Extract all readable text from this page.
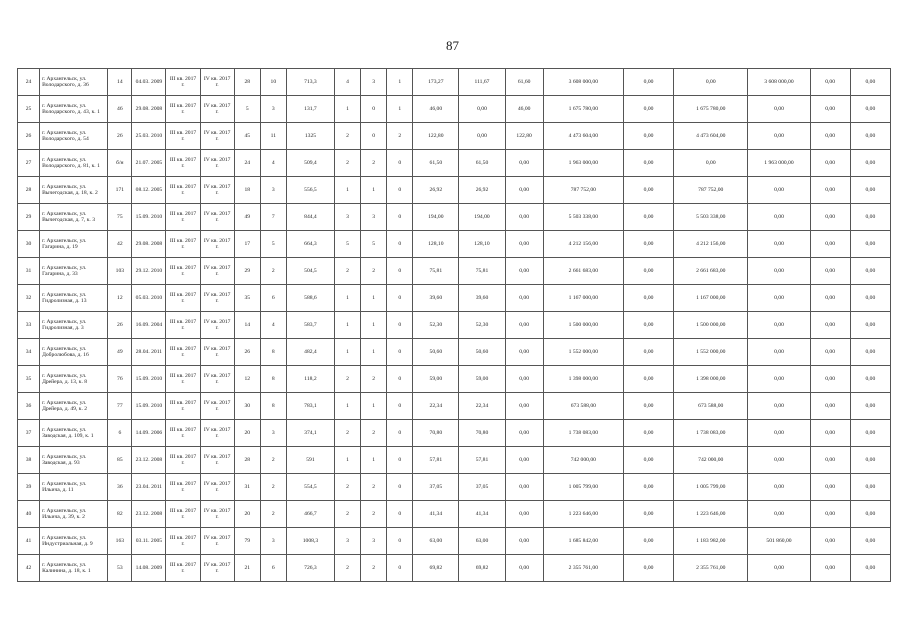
87
24	г. Архангельск, ул. Володарского, д. 36	14	04.03. 2009	III кв. 2017 г.	IV кв. 2017 г.	28	10	713,3	4	3	1	173,27	111,67	61,60	3 608 000,00	0,00	0,00	3 608 000,00	0,00	0,00
25	г. Архангельск, ул. Володарского, д. 43, к. 1	46	29.08. 2008	III кв. 2017 г.	IV кв. 2017 г.	5	3	131,7	1	0	1	46,00	0,00	46,00	1 675 780,00	0,00	1 675 780,00	0,00	0,00	0,00
26	г. Архангельск, ул. Володарского, д. 54	26	25.03. 2010	III кв. 2017 г.	IV кв. 2017 г.	45	11	1325	2	0	2	122,80	0,00	122,80	4 473 604,00	0,00	4 473 604,00	0,00	0,00	0,00
27	г. Архангельск, ул. Володарского, д. 81, к. 1	б/н	21.07. 2005	III кв. 2017 г.	IV кв. 2017 г.	24	4	509,4	2	2	0	61,50	61,50	0,00	1 963 000,00	0,00	0,00	1 963 000,00	0,00	0,00
28	г. Архангельск, ул. Вычегодская, д. 18, к. 2	171	08.12. 2005	III кв. 2017 г.	IV кв. 2017 г.	18	3	556,5	1	1	0	26,92	26,92	0,00	787 752,00	0,00	787 752,00	0,00	0,00	0,00
29	г. Архангельск, ул. Вычегодская, д. 7, к. 3	75	15.09. 2010	III кв. 2017 г.	IV кв. 2017 г.	49	7	844,4	3	3	0	194,00	194,00	0,00	5 503 338,00	0,00	5 503 338,00	0,00	0,00	0,00
30	г. Архангельск, ул. Гагарина, д. 19	42	29.08. 2008	III кв. 2017 г.	IV кв. 2017 г.	17	5	664,3	5	5	0	128,10	128,10	0,00	4 212 156,00	0,00	4 212 156,00	0,00	0,00	0,00
31	г. Архангельск, ул. Гагарина, д. 33	103	29.12. 2010	III кв. 2017 г.	IV кв. 2017 г.	29	2	504,5	2	2	0	75,81	75,81	0,00	2 661 683,00	0,00	2 661 683,00	0,00	0,00	0,00
32	г. Архангельск, ул. Гидролизная, д. 13	12	05.03. 2010	III кв. 2017 г.	IV кв. 2017 г.	35	6	588,6	1	1	0	39,60	39,60	0,00	1 167 000,00	0,00	1 167 000,00	0,00	0,00	0,00
33	г. Архангельск, ул. Гидролизная, д. 3	26	16.09. 2004	III кв. 2017 г.	IV кв. 2017 г.	14	4	583,7	1	1	0	52,30	52,30	0,00	1 500 000,00	0,00	1 500 000,00	0,00	0,00	0,00
34	г. Архангельск, ул. Добролюбова, д. 16	49	28.04. 2011	III кв. 2017 г.	IV кв. 2017 г.	26	8	482,4	1	1	0	50,60	50,60	0,00	1 552 000,00	0,00	1 552 000,00	0,00	0,00	0,00
35	г. Архангельск, ул. Дрейера, д. 13, к. 8	76	15.09. 2010	III кв. 2017 г.	IV кв. 2017 г.	12	8	118,2	2	2	0	59,00	59,00	0,00	1 398 000,00	0,00	1 398 000,00	0,00	0,00	0,00
36	г. Архангельск, ул. Дрейера, д. 49, к. 2	77	15.09. 2010	III кв. 2017 г.	IV кв. 2017 г.	30	8	783,1	1	1	0	22,34	22,34	0,00	673 588,00	0,00	673 588,00	0,00	0,00	0,00
37	г. Архангельск, ул. Заводская, д. 109, к. 1	6	14.09. 2006	III кв. 2017 г.	IV кв. 2017 г.	20	3	374,1	2	2	0	70,80	70,80	0,00	1 738 083,00	0,00	1 738 083,00	0,00	0,00	0,00
38	г. Архангельск, ул. Заводская, д. 93	85	23.12. 2008	III кв. 2017 г.	IV кв. 2017 г.	28	2	591	1	1	0	57,81	57,81	0,00	742 000,00	0,00	742 000,00	0,00	0,00	0,00
39	г. Архангельск, ул. Ильича, д. 11	36	23.04. 2011	III кв. 2017 г.	IV кв. 2017 г.	31	2	554,5	2	2	0	37,05	37,05	0,00	1 005 799,00	0,00	1 005 799,00	0,00	0,00	0,00
40	г. Архангельск, ул. Ильича, д. 39, к. 2	82	23.12. 2008	III кв. 2017 г.	IV кв. 2017 г.	20	2	466,7	2	2	0	41,34	41,34	0,00	1 223 646,00	0,00	1 223 646,00	0,00	0,00	0,00
41	г. Архангельск, ул. Индустриальная, д. 9	163	03.11. 2005	III кв. 2017 г.	IV кв. 2017 г.	79	3	1008,3	3	3	0	63,00	63,00	0,00	1 685 842,00	0,00	1 183 982,00	501 860,00	0,00	0,00
42	г. Архангельск, ул. Калинина, д. 18, к. 1	53	14.08. 2009	III кв. 2017 г.	IV кв. 2017 г.	21	6	726,3	2	2	0	69,82	69,82	0,00	2 355 761,00	0,00	2 355 761,00	0,00	0,00	0,00
